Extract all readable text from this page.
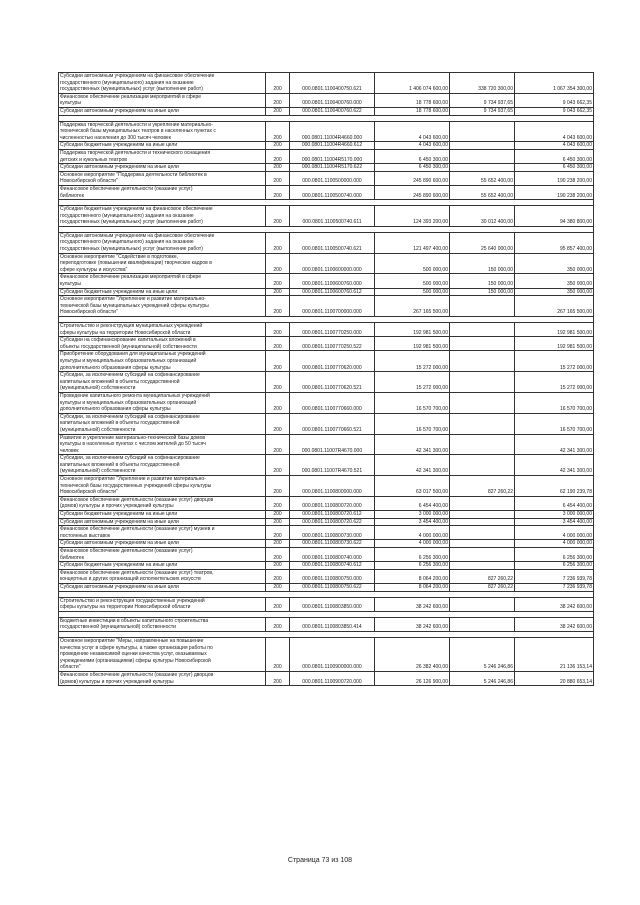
Субсидии автономным учреждениям на финансовое обеспечение
государственного (муниципального) задания на оказание
государственных (муниципальных) услуг (выполнение работ)	200	000.0801.1100400750.621	1 406 074 600,00	338 720 300,00	1 067 354 300,00
Финансовое обеспечение реализации мероприятий в сфере
культуры	200	000.0801.1100400760.000	18 778 600,00	9 734 937,65	9 043 662,35
Субсидии автономным учреждениям на иные цели	200	000.0801.1100400760.622	18 778 600,00	9 734 937,65	9 043 662,35

Поддержка творческой деятельности и укрепление материально-
технической базы муниципальных театров в населенных пунктах с
численностью населения до 300 тысяч человек	200	000.0801.11004R4660.000	4 043 600,00		4 043 600,00
Субсидии бюджетным учреждениям на иные цели	200	000.0801.11004R4660.612	4 043 600,00		4 043 600,00
Поддержка творческой деятельности и технического оснащения
детских и кукольных театров	200	000.0801.11004R5170.000	6 450 300,00		6 450 300,00
Субсидии автономным учреждениям на иные цели	200	000.0801.11004R5170.622	6 450 300,00		6 450 300,00
Основное мероприятие "Поддержка деятельности библиотек в
Новосибирской области"	200	000.0801.1100500000.000	245 890 600,00	55 652 400,00	190 238 200,00
Финансовое обеспечение деятельности (оказание услуг)
библиотек	200	000.0801.1100500740.000	245 890 600,00	55 652 400,00	190 238 200,00

Субсидии бюджетным учреждениям на финансовое обеспечение
государственного (муниципального) задания на оказание
государственных (муниципальных) услуг (выполнение работ)	200	000.0801.1100500740.611	124 393 200,00	30 012 400,00	94 380 800,00

Субсидии автономным учреждениям на финансовое обеспечение
государственного (муниципального) задания на оказание
государственных (муниципальных) услуг (выполнение работ)	200	000.0801.1100500740.621	121 497 400,00	25 640 000,00	95 857 400,00
Основное мероприятие "Содействие в подготовке,
переподготовке (повышении квалификации) творческих кадров в
сфере культуры и искусства"	200	000.0801.1100600000.000	500 000,00	150 000,00	350 000,00
Финансовое обеспечение реализации мероприятий в сфере
культуры	200	000.0801.1100600760.000	500 000,00	150 000,00	350 000,00
Субсидии бюджетным учреждениям на иные цели	200	000.0801.1100600760.612	500 000,00	150 000,00	350 000,00
Основное мероприятие "Укрепление и развитие материально-
технической базы муниципальных учреждений сферы культуры
Новосибирской области"	200	000.0801.1100700000.000	267 165 500,00		267 165 500,00

Строительство и реконструкция муниципальных учреждений
сферы культуры на территории Новосибирской области	200	000.0801.1100770250.000	192 981 500,00		192 981 500,00
Субсидии на софинансирование капитальных вложений в
объекты государственной (муниципальной) собственности	200	000.0801.1100770250.522	192 981 500,00		192 981 500,00
Приобретение оборудования для муниципальных учреждений
культуры и муниципальных образовательных организаций
дополнительного образования сферы культуры	200	000.0801.1100770620.000	15 272 000,00		15 272 000,00
Субсидии, за исключением субсидий на софинансирование
капитальных вложений в объекты государственной
(муниципальной) собственности	200	000.0801.1100770620.521	15 272 000,00		15 272 000,00
Проведение капитального ремонта муниципальных учреждений
культуры и муниципальных образовательных организаций
дополнительного образования сферы культуры	200	000.0801.1100770660.000	16 570 700,00		16 570 700,00
Субсидии, за исключением субсидий на софинансирование
капитальных вложений в объекты государственной
(муниципальной) собственности	200	000.0801.1100770660.521	16 570 700,00		16 570 700,00
Развитие и укрепление материально-технической базы домов
культуры в населенных пунктах с числом жителей до 50 тысяч
человек	200	000.0801.11007R4670.000	42 341 300,00		42 341 300,00
Субсидии, за исключением субсидий на софинансирование
капитальных вложений в объекты государственной
(муниципальной) собственности	200	000.0801.11007R4670.521	42 341 300,00		42 341 300,00
Основное мероприятие "Укрепление и развитие материально-
технической базы государственных учреждений сферы культуры
Новосибирской области"	200	000.0801.1100800000.000	63 017 500,00	827 260,22	62 190 239,78
Финансовое обеспечение деятельности (оказание услуг) дворцов
(домов) культуры и прочих учреждений культуры	200	000.0801.1100800720.000	6 454 400,00		6 454 400,00
Субсидии бюджетным учреждениям на иные цели	200	000.0801.1100800720.612	3 000 000,00		3 000 000,00
Субсидии автономным учреждениям на иные цели	200	000.0801.1100800720.622	3 454 400,00		3 454 400,00
Финансовое обеспечение деятельности (оказание услуг) музеев и
постоянных выставок	200	000.0801.1100800730.000	4 000 000,00		4 000 000,00
Субсидии автономным учреждениям на иные цели	200	000.0801.1100800730.622	4 000 000,00		4 000 000,00
Финансовое обеспечение деятельности (оказание услуг)
библиотек	200	000.0801.1100800740.000	6 256 300,00		6 256 300,00
Субсидии бюджетным учреждениям на иные цели	200	000.0801.1100800740.612	6 256 300,00		6 256 300,00
Финансовое обеспечение деятельности (оказание услуг) театров,
концертных и других организаций исполнительских искусств	200	000.0801.1100800750.000	8 064 200,00	827 260,22	7 236 939,78
Субсидии автономным учреждениям на иные цели	200	000.0801.1100800750.622	8 064 200,00	827 260,22	7 236 939,78

Строительство и реконструкция государственных учреждений
сферы культуры на территории Новосибирской области	200	000.0801.1100803850.000	38 242 600,00		38 242 600,00

Бюджетные инвестиции в объекты капитального строительства
государственной (муниципальной) собственности	200	000.0801.1100803850.414	38 242 600,00		38 242 600,00

Основное мероприятие "Меры, направленные на повышение
качества услуг в сфере культуры, а также организация работы по
проведению независимой оценки качества услуг, оказываемых
учреждениями (организациями) сферы культуры Новосибирской
области"	200	000.0801.1100900000.000	26 382 400,00	5 246 246,86	21 136 153,14
Финансовое обеспечение деятельности (оказание услуг) дворцов
(домов) культуры и прочих учреждений культуры	200	000.0801.1100900720.000	26 126 900,00	5 246 246,86	20 880 653,14
Страница 73 из 108
